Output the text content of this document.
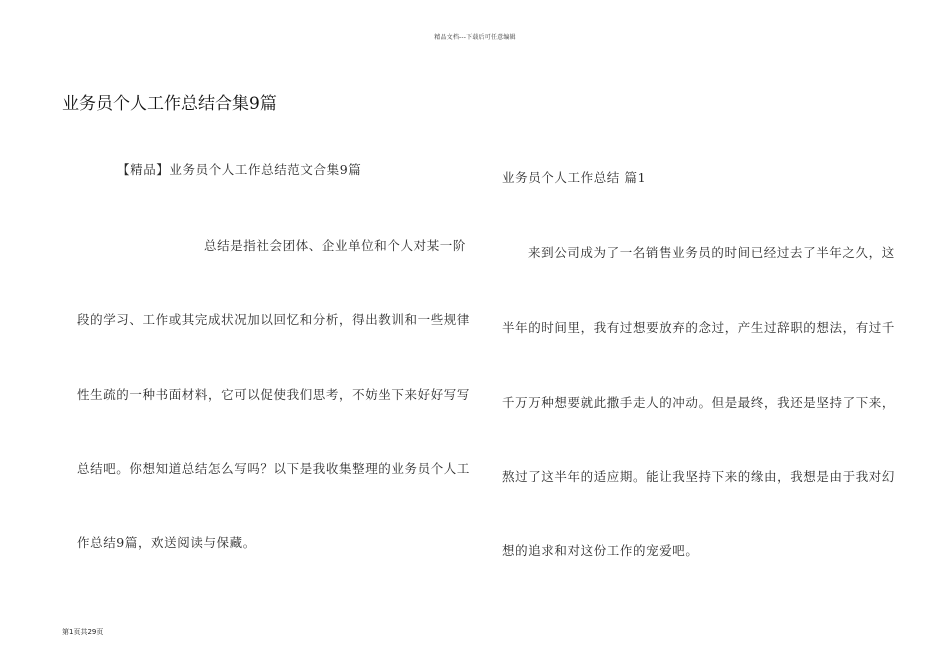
精品文档---下载后可任意编辑
业务员个人工作总结合集9篇
【精品】业务员个人工作总结范文合集9篇
总结是指社会团体、企业单位和个人对某一阶
段的学习、工作或其完成状况加以回忆和分析，得出教训和一些规律
性生疏的一种书面材料，它可以促使我们思考，不妨坐下来好好写写
总结吧。你想知道总结怎么写吗？以下是我收集整理的业务员个人工
作总结9篇，欢送阅读与保藏。
业务员个人工作总结 篇1
来到公司成为了一名销售业务员的时间已经过去了半年之久，这
半年的时间里，我有过想要放弃的念过，产生过辞职的想法，有过千
千万万种想要就此撒手走人的冲动。但是最终，我还是坚持了下来，
熬过了这半年的适应期。能让我坚持下来的缘由，我想是由于我对幻
想的追求和对这份工作的宠爱吧。
第1页共29页
